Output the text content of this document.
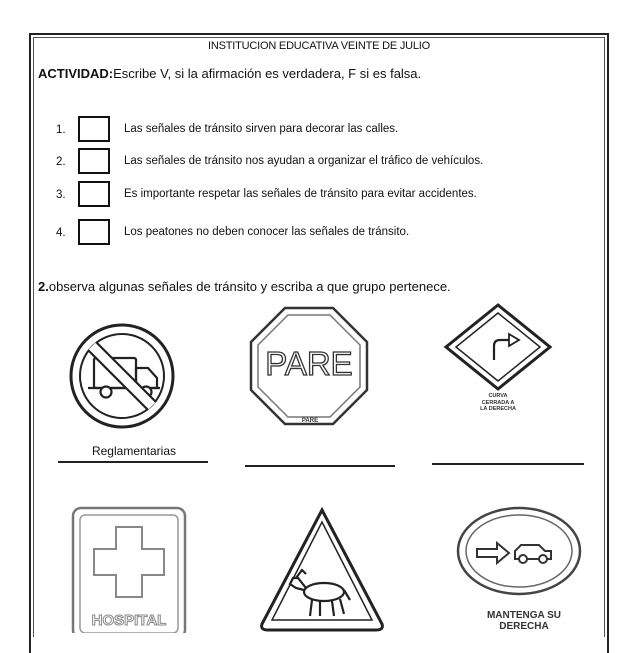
INSTITUCION EDUCATIVA VEINTE DE JULIO
ACTIVIDAD:Escribe V, si la afirmación es verdadera, F si es falsa.
1.	Las señales de tránsito sirven para decorar las calles.
2.	Las señales de tránsito nos ayudan a organizar el tráfico de vehículos.
3.	Es importante respetar las señales de tránsito para evitar accidentes.
4.	Los peatones no deben conocer las señales de tránsito.
2.observa algunas señales de tránsito y escriba a que grupo pertenece.
PARE
PARE
CURVA
CERRADA A
LA DERECHA
Reglamentarias
HOSPITAL	MANTENGA SU
DERECHA
